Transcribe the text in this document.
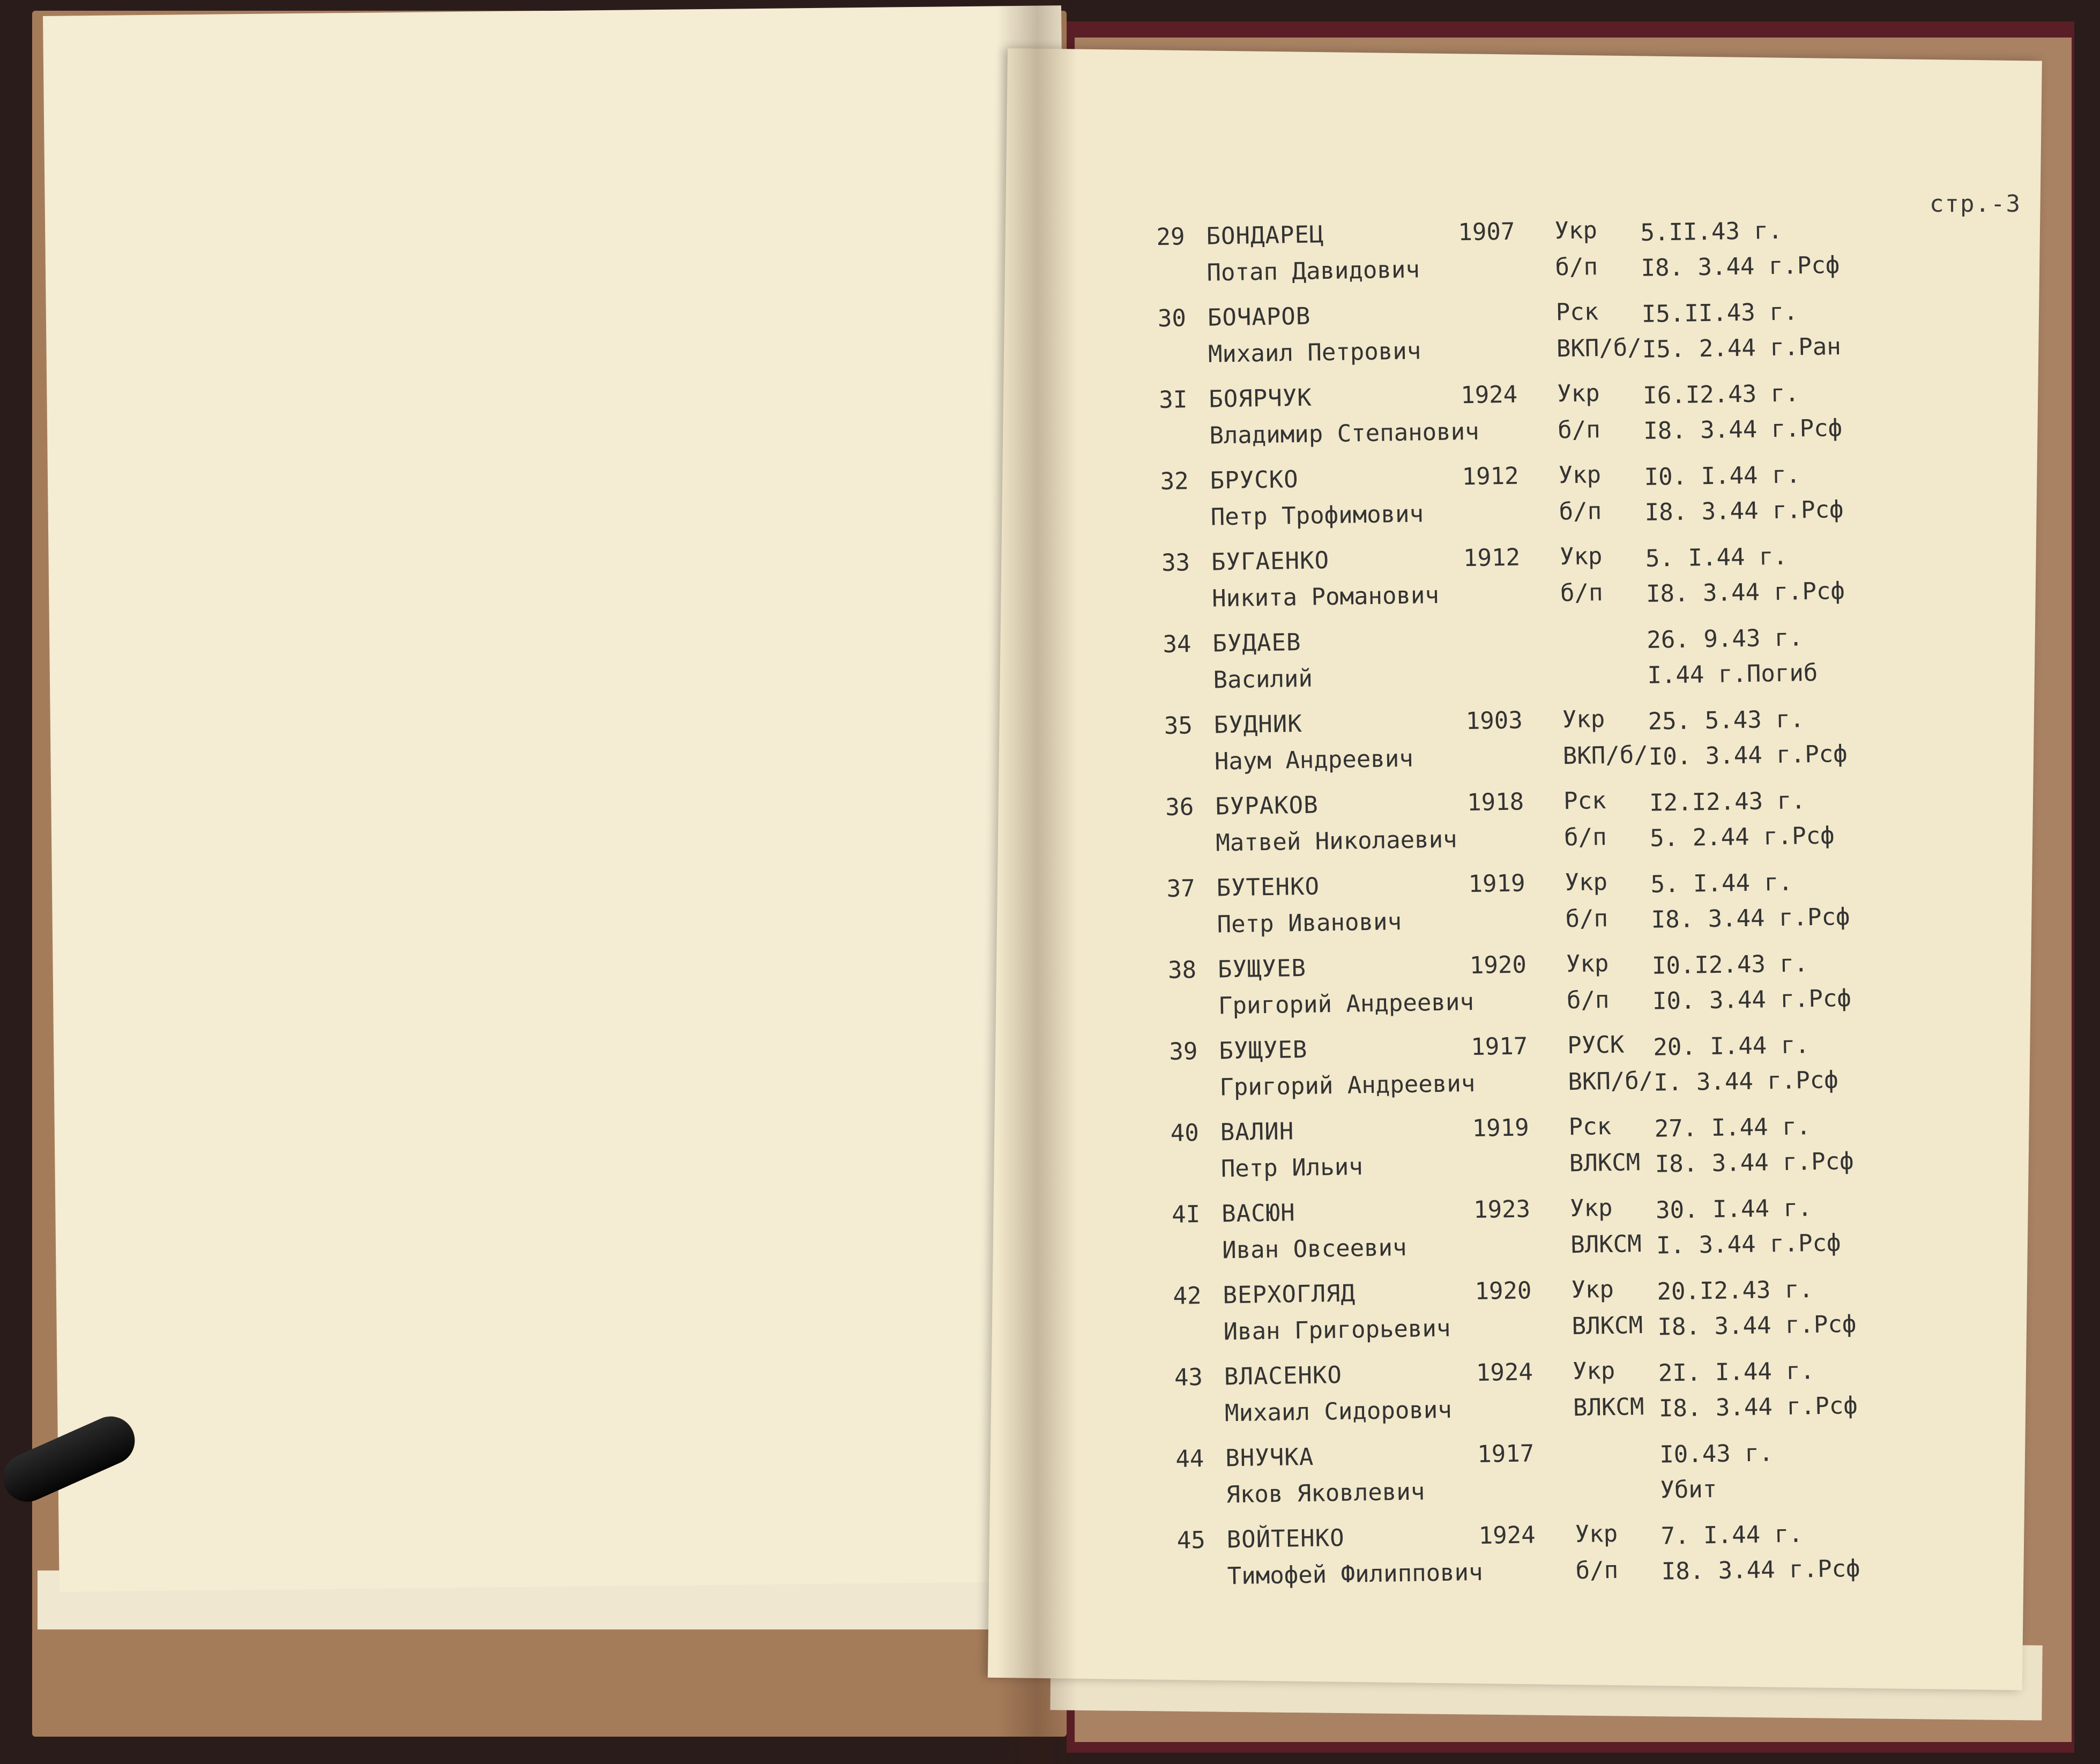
стр.-3
29 БОНДАРЕЦ	1907 Укр 5.II.43 г.
Потап Давидович	б/п I8. 3.44 г.Рсф
30 БОЧАРОВ	Рск I5.II.43 г.
Михаил Петрович	ВКП/б/ I5. 2.44 г.Ран
3I БОЯРЧУК	1924 Укр I6.I2.43 г.
Владимир Степанович	б/п I8. 3.44 г.Рсф
32 БРУСКО	1912 Укр I0. I.44 г.
Петр Трофимович	б/п I8. 3.44 г.Рсф
33 БУГАЕНКО	1912 Укр 5. I.44 г.
Никита Романович	б/п I8. 3.44 г.Рсф
34 БУДАЕВ	26. 9.43 г.
Василий	I.44 г.Погиб
35 БУДНИК	1903 Укр 25. 5.43 г.
Наум Андреевич	ВКП/б/ I0. 3.44 г.Рсф
36 БУРАКОВ	1918 Рск I2.I2.43 г.
Матвей Николаевич	б/п 5. 2.44 г.Рсф
37 БУТЕНКО	1919 Укр 5. I.44 г.
Петр Иванович	б/п I8. 3.44 г.Рсф
38 БУЩУЕВ	1920 Укр I0.I2.43 г.
Григорий Андреевич	б/п I0. 3.44 г.Рсф
39 БУЩУЕВ	1917 РУСК 20. I.44 г.
Григорий Андреевич	ВКП/б/ I. 3.44 г.Рсф
40 ВАЛИН	1919 Рск 27. I.44 г.
Петр Ильич	ВЛКСМ I8. 3.44 г.Рсф
4I ВАСЮН	1923 Укр 30. I.44 г.
Иван Овсеевич	ВЛКСМ I. 3.44 г.Рсф
42 ВЕРХОГЛЯД	1920 Укр 20.I2.43 г.
Иван Григорьевич	ВЛКСМ I8. 3.44 г.Рсф
43 ВЛАСЕНКО	1924 Укр 2I. I.44 г.
Михаил Сидорович	ВЛКСМ I8. 3.44 г.Рсф
44 ВНУЧКА	1917	I0.43 г.
Яков Яковлевич	Убит
45 ВОЙТЕНКО	1924 Укр 7. I.44 г.
Тимофей Филиппович	б/п I8. 3.44 г.Рсф
